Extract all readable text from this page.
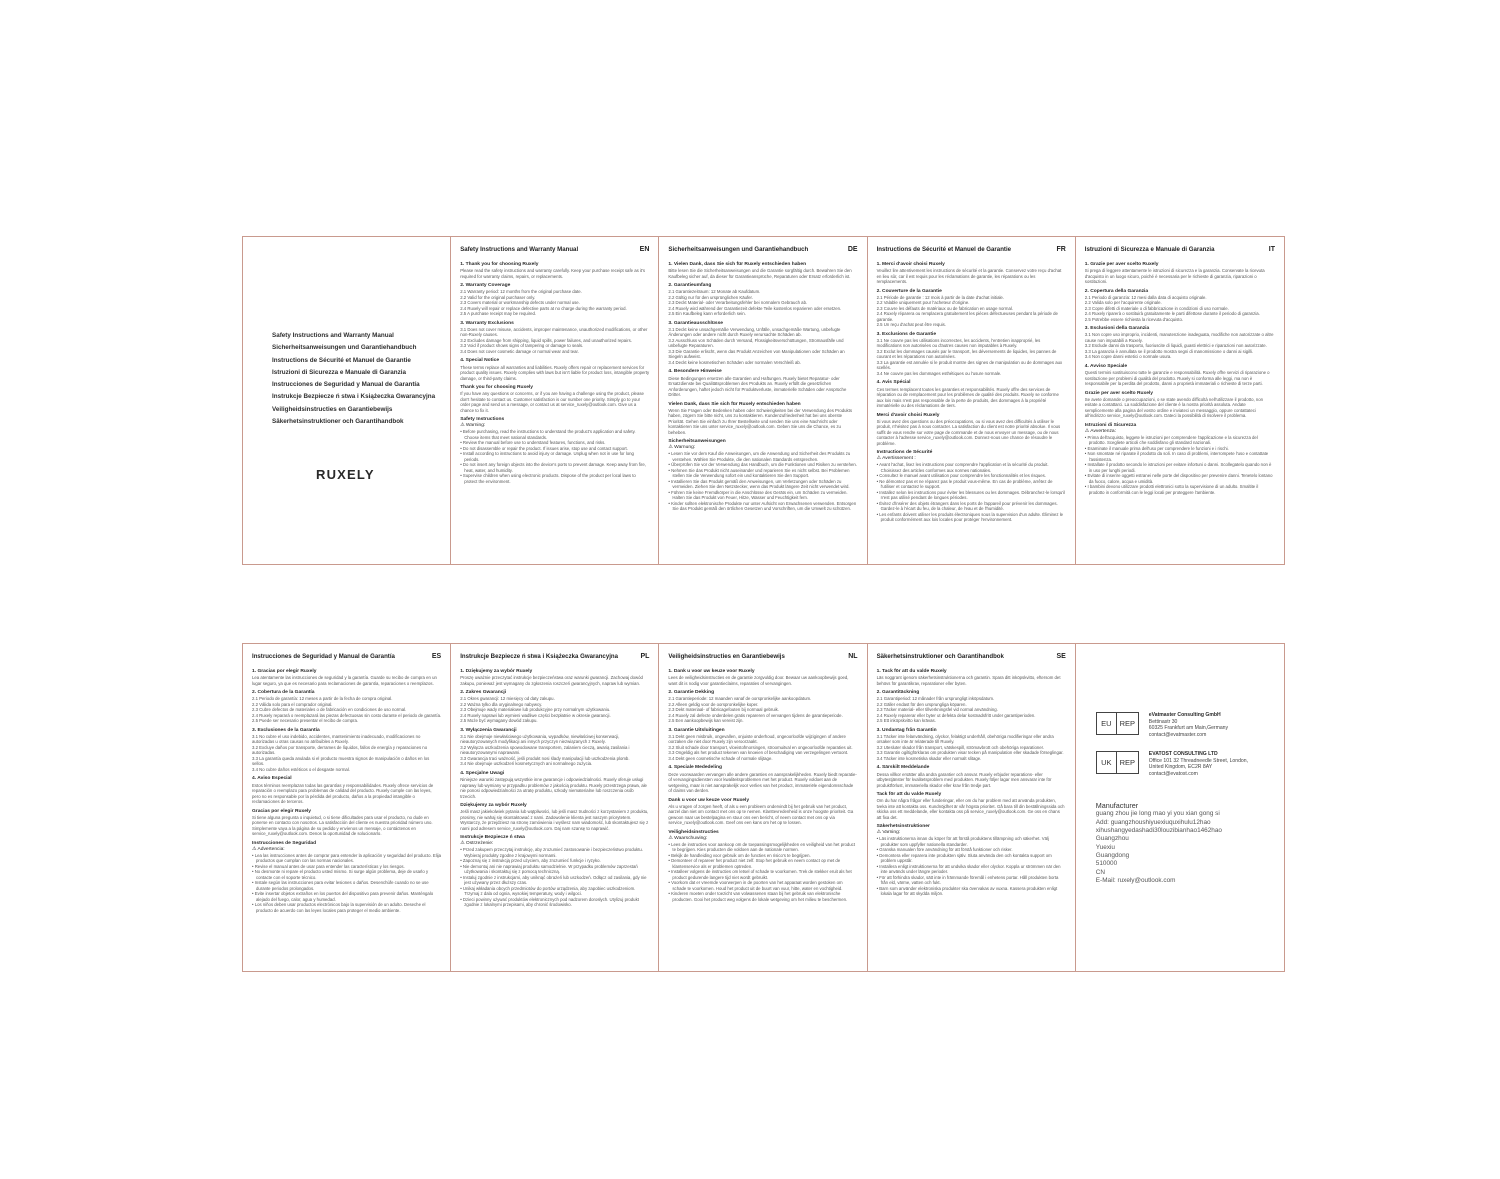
Safety Instructions and Warranty Manual
Sicherheitsanweisungen und Garantiehandbuch
Instructions de Sécurité et Manuel de Garantie
Istruzioni di Sicurezza e Manuale di Garanzia
Instrucciones de Seguridad y Manual de Garantía
Instrukcje Bezpiecze ń stwa i Książeczka Gwarancyjna
Veiligheidsinstructies en Garantiebewijs
Säkerhetsinstruktioner och Garantihandbok
RUXELY
Safety Instructions and Warranty Manual	EN
1. Thank you for choosing Ruxely
Please read the safety instructions and warranty carefully. Keep your purchase receipt safe as it's required for warranty claims, repairs, or replacements.
2. Warranty Coverage
2.1 Warranty period: 12 months from the original purchase date.
2.2 Valid for the original purchaser only.
2.3 Covers material or workmanship defects under normal use.
2.4 Ruxely will repair or replace defective parts at no charge during the warranty period.
2.5 A purchase receipt may be required.
3. Warranty Exclusions
3.1 Does not cover misuse, accidents, improper maintenance, unauthorized modifications, or other non-Ruxely causes.
3.2 Excludes damage from shipping, liquid spills, power failures, and unauthorized repairs.
3.3 Void if product shows signs of tampering or damage to seals.
3.4 Does not cover cosmetic damage or normal wear and tear.
4. Special Notice
These terms replace all warranties and liabilities. Ruxely offers repair or replacement services for product quality issues. Ruxely complies with laws but isn't liable for product loss, intangible property damage, or third-party claims.
Thank you for choosing Ruxely
If you have any questions or concerns, or if you are having a challenge using the product, please don't hesitate to contact us. Customer satisfaction is our number one priority. Simply go to your order page and send us a message, or contact us at service_ruxely@outlook.com. Give us a chance to fix it.
Safety Instructions
⚠ Warning:
• Before purchasing, read the instructions to understand the product's application and safety. Choose items that meet national standards.
• Review the manual before use to understand features, functions, and risks.
• Do not disassemble or repair the product. If issues arise, stop use and contact support.
• Install according to instructions to avoid injury or damage. Unplug when not in use for long periods.
• Do not insert any foreign objects into the device's ports to prevent damage. Keep away from fire, heat, water, and humidity.
• Supervise children when using electronic products. Dispose of the product per local laws to protect the environment.
Sicherheitsanweisungen und Garantiehandbuch	DE
1. Vielen Dank, dass Sie sich für Ruxely entschieden haben
Bitte lesen Sie die Sicherheitsanweisungen und die Garantie sorgfältig durch. Bewahren Sie den Kaufbeleg sicher auf, da dieser für Garantieansprüche, Reparaturen oder Ersatz erforderlich ist.
2. Garantieumfang
2.1 Garantiezeitraum: 12 Monate ab Kaufdatum.
2.2 Gültig nur für den ursprünglichen Käufer.
2.3 Deckt Material- oder Verarbeitungsfehler bei normalem Gebrauch ab.
2.4 Ruxely wird während der Garantiezeit defekte Teile kostenlos reparieren oder ersetzen.
2.5 Ein Kaufbeleg kann erforderlich sein.
3. Garantieausschlüsse
3.1 Deckt keine unsachgemäße Verwendung, Unfälle, unsachgemäße Wartung, unbefugte Änderungen oder andere nicht durch Ruxely verursachte Schäden ab.
3.2 Ausschluss von Schäden durch Versand, Flüssigkeitsverschüttungen, Stromausfälle und unbefugte Reparaturen.
3.3 Die Garantie erlischt, wenn das Produkt Anzeichen von Manipulationen oder Schäden an Siegeln aufweist.
3.4 Deckt keine kosmetischen Schäden oder normalen Verschleiß ab.
4. Besondere Hinweise
Diese Bedingungen ersetzen alle Garantien und Haftungen. Ruxely bietet Reparatur- oder Ersatzdienste bei Qualitätsproblemen des Produkts an. Ruxely erfüllt die gesetzlichen Anforderungen, haftet jedoch nicht für Produktverluste, immaterielle Schäden oder Ansprüche Dritter.
Vielen Dank, dass Sie sich für Ruxely entschieden haben
Wenn Sie Fragen oder Bedenken haben oder Schwierigkeiten bei der Verwendung des Produkts haben, zögern Sie bitte nicht, uns zu kontaktieren. Kundenzufriedenheit hat bei uns oberste Priorität. Gehen Sie einfach zu Ihrer Bestellseite und senden Sie uns eine Nachricht oder kontaktieren Sie uns unter service_ruxely@outlook.com. Geben Sie uns die Chance, es zu beheben.
Sicherheitsanweisungen
⚠ Warnung:
• Lesen Sie vor dem Kauf die Anweisungen, um die Anwendung und Sicherheit des Produkts zu verstehen. Wählen Sie Produkte, die den nationalen Standards entsprechen.
• Überprüfen Sie vor der Verwendung das Handbuch, um die Funktionen und Risiken zu verstehen.
• Nehmen Sie das Produkt nicht auseinander und reparieren Sie es nicht selbst. Bei Problemen stellen Sie die Verwendung sofort ein und kontaktieren Sie den Support.
• Installieren Sie das Produkt gemäß den Anweisungen, um Verletzungen oder Schäden zu vermeiden. Ziehen Sie den Netzstecker, wenn das Produkt längere Zeit nicht verwendet wird.
• Führen Sie keine Fremdkörper in die Anschlüsse des Geräts ein, um Schäden zu vermeiden. Halten Sie das Produkt von Feuer, Hitze, Wasser und Feuchtigkeit fern.
• Kinder sollten elektronische Produkte nur unter Aufsicht von Erwachsenen verwenden. Entsorgen Sie das Produkt gemäß den örtlichen Gesetzen und Vorschriften, um die Umwelt zu schützen.
Instructions de Sécurité et Manuel de Garantie	FR
1. Merci d'avoir choisi Ruxely
Veuillez lire attentivement les instructions de sécurité et la garantie. Conservez votre reçu d'achat en lieu sûr, car il est requis pour les réclamations de garantie, les réparations ou les remplacements.
2. Couverture de la Garantie
2.1 Période de garantie : 12 mois à partir de la date d'achat initiale.
2.2 Valable uniquement pour l'acheteur d'origine.
2.3 Couvre les défauts de matériaux ou de fabrication en usage normal.
2.4 Ruxely réparera ou remplacera gratuitement les pièces défectueuses pendant la période de garantie.
2.5 Un reçu d'achat peut être requis.
3. Exclusions de Garantie
3.1 Ne couvre pas les utilisations incorrectes, les accidents, l'entretien inapproprié, les modifications non autorisées ou d'autres causes non imputables à Ruxely.
3.2 Exclut les dommages causés par le transport, les déversements de liquides, les pannes de courant et les réparations non autorisées.
3.3 La garantie est annulée si le produit montre des signes de manipulation ou de dommages aux scellés.
3.4 Ne couvre pas les dommages esthétiques ou l'usure normale.
4. Avis Spécial
Ces termes remplacent toutes les garanties et responsabilités. Ruxely offre des services de réparation ou de remplacement pour les problèmes de qualité des produits. Ruxely se conforme aux lois mais n'est pas responsable de la perte de produits, des dommages à la propriété immatérielle ou des réclamations de tiers.
Merci d'avoir choisi Ruxely
Si vous avez des questions ou des préoccupations, ou si vous avez des difficultés à utiliser le produit, n'hésitez pas à nous contacter. La satisfaction du client est notre priorité absolue. Il vous suffit de vous rendre sur votre page de commande et de nous envoyer un message, ou de nous contacter à l'adresse service_ruxely@outlook.com. Donnez-nous une chance de résoudre le problème.
Instructions de Sécurité
⚠ Avertissement :
• Avant l'achat, lisez les instructions pour comprendre l'application et la sécurité du produit. Choisissez des articles conformes aux normes nationales.
• Consultez le manuel avant utilisation pour comprendre les fonctionnalités et les risques.
• Ne démontez pas et ne réparez pas le produit vous-même. En cas de problème, arrêtez de l'utiliser et contactez le support.
• Installez selon les instructions pour éviter les blessures ou les dommages. Débranchez-le lorsqu'il n'est pas utilisé pendant de longues périodes.
• Évitez d'insérer des objets étrangers dans les ports de l'appareil pour prévenir les dommages. Gardez-le à l'écart du feu, de la chaleur, de l'eau et de l'humidité.
• Les enfants doivent utiliser les produits électroniques sous la supervision d'un adulte. Éliminez le produit conformément aux lois locales pour protéger l'environnement.
Istruzioni di Sicurezza e Manuale di Garanzia	IT
1. Grazie per aver scelto Ruxely
Si prega di leggere attentamente le istruzioni di sicurezza e la garanzia. Conservate la ricevuta d'acquisto in un luogo sicuro, poiché è necessaria per le richieste di garanzia, riparazioni o sostituzioni.
2. Copertura della Garanzia
2.1 Periodo di garanzia: 12 mesi dalla data di acquisto originale.
2.2 Valida solo per l'acquirente originale.
2.3 Copre difetti di materiale o di fabbricazione in condizioni di uso normale.
2.4 Ruxely riparerà o sostituirà gratuitamente le parti difettose durante il periodo di garanzia.
2.5 Potrebbe essere richiesta la ricevuta d'acquisto.
3. Esclusioni della Garanzia
3.1 Non copre uso improprio, incidenti, manutenzione inadeguata, modifiche non autorizzate o altre cause non imputabili a Ruxely.
3.2 Esclude danni da trasporto, fuoriuscite di liquidi, guasti elettrici e riparazioni non autorizzate.
3.3 La garanzia è annullata se il prodotto mostra segni di manomissione o danni ai sigilli.
3.4 Non copre danni estetici o normale usura.
4. Avviso Speciale
Questi termini sostituiscono tutte le garanzie e responsabilità. Ruxely offre servizi di riparazione o sostituzione per problemi di qualità del prodotto. Ruxely si conforma alle leggi, ma non è responsabile per la perdita del prodotto, danni a proprietà immateriali o richieste di terze parti.
Grazie per aver scelto Ruxely
Se avete domande o preoccupazioni, o se state avendo difficoltà nell'utilizzare il prodotto, non esitate a contattarci. La soddisfazione del cliente è la nostra priorità assoluta. Andate semplicemente alla pagina del vostro ordine e inviateci un messaggio, oppure contattateci all'indirizzo service_ruxely@outlook.com. Dateci la possibilità di risolvere il problema.
Istruzioni di Sicurezza
⚠ Avvertenza:
• Prima dell'acquisto, leggete le istruzioni per comprendere l'applicazione e la sicurezza del prodotto. Scegliete articoli che soddisfano gli standard nazionali.
• Esaminate il manuale prima dell'uso per comprendere le funzioni e i rischi.
• Non smontate né riparate il prodotto da soli. In caso di problemi, interrompete l'uso e contattate l'assistenza.
• Installate il prodotto secondo le istruzioni per evitare infortuni o danni. Scollegatelo quando non è in uso per lunghi periodi.
• Evitate di inserire oggetti estranei nelle porte del dispositivo per prevenire danni. Tenetelo lontano da fuoco, calore, acqua e umidità.
• I bambini devono utilizzare prodotti elettronici sotto la supervisione di un adulto. Smaltite il prodotto in conformità con le leggi locali per proteggere l'ambiente.
Instrucciones de Seguridad y Manual de Garantía	ES
1. Gracias por elegir Ruxely
Lea atentamente las instrucciones de seguridad y la garantía. Guarde su recibo de compra en un lugar seguro, ya que es necesario para reclamaciones de garantía, reparaciones o reemplazos.
2. Cobertura de la Garantía
2.1 Periodo de garantía: 12 meses a partir de la fecha de compra original.
2.2 Válida solo para el comprador original.
2.3 Cubre defectos de materiales o de fabricación en condiciones de uso normal.
2.4 Ruxely reparará o reemplazará las piezas defectuosas sin costo durante el periodo de garantía.
2.5 Puede ser necesario presentar el recibo de compra.
3. Exclusiones de la Garantía
3.1 No cubre el uso indebido, accidentes, mantenimiento inadecuado, modificaciones no autorizadas u otras causas no atribuibles a Ruxely.
3.2 Excluye daños por transporte, derrames de líquidos, fallos de energía y reparaciones no autorizadas.
3.3 La garantía queda anulada si el producto muestra signos de manipulación o daños en los sellos.
3.4 No cubre daños estéticos o el desgaste normal.
4. Aviso Especial
Estos términos reemplazan todas las garantías y responsabilidades. Ruxely ofrece servicios de reparación o reemplazo para problemas de calidad del producto. Ruxely cumple con las leyes, pero no es responsable por la pérdida del producto, daños a la propiedad intangible o reclamaciones de terceros.
Gracias por elegir Ruxely
Si tiene alguna pregunta o inquietud, o si tiene dificultades para usar el producto, no dude en ponerse en contacto con nosotros. La satisfacción del cliente es nuestra prioridad número uno. Simplemente vaya a la página de su pedido y envíenos un mensaje, o contáctenos en service_ruxely@outlook.com. Denos la oportunidad de solucionarlo.
Instrucciones de Seguridad
⚠ Advertencia:
• Lea las instrucciones antes de comprar para entender la aplicación y seguridad del producto. Elija productos que cumplan con las normas nacionales.
• Revise el manual antes de usar para entender las características y los riesgos.
• No desmonte ni repare el producto usted mismo. Si surge algún problema, deje de usarlo y contacte con el soporte técnico.
• Instale según las instrucciones para evitar lesiones o daños. Desenchúfe cuando no se use durante periodos prolongados.
• Evite insertar objetos extraños en los puertos del dispositivo para prevenir daños. Manténgalo alejado del fuego, calor, agua y humedad.
• Los niños deben usar productos electrónicos bajo la supervisión de un adulto. Deseche el producto de acuerdo con las leyes locales para proteger el medio ambiente.
Instrukcje Bezpiecze ń stwa i Książeczka Gwarancyjna	PL
1. Dziękujemy za wybór Ruxely
Proszę uważnie przeczytać instrukcje bezpieczeństwa oraz warunki gwarancji. Zachowaj dowód zakupu, ponieważ jest wymagany do zgłoszenia roszczeń gwarancyjnych, napraw lub wymian.
2. Zakres Gwarancji
2.1 Okres gwarancji: 12 miesięcy od daty zakupu.
2.2 Ważna tylko dla oryginalnego nabywcy.
2.3 Obejmuje wady materiałowe lub produkcyjne przy normalnym użytkowaniu.
2.4 Ruxely naprawi lub wymieni wadliwe części bezpłatnie w okresie gwarancji.
2.5 Może być wymagany dowód zakupu.
3. Wyłączenia Gwarancji
3.1 Nie obejmuje niewłaściwego użytkowania, wypadków, niewłaściwej konserwacji, nieautoryzowanych modyfikacji ani innych przyczyn niezwiązanych z Ruxely.
3.2 Wyłącza uszkodzenia spowodowane transportem, zalaniem cieczą, awarią zasilania i nieautoryzowanymi naprawami.
3.3 Gwarancja traci ważność, jeśli produkt nosi ślady manipulacji lub uszkodzenia plomb.
3.4 Nie obejmuje uszkodzeń kosmetycznych ani normalnego zużycia.
4. Specjalne Uwagi
Niniejsze warunki zastępują wszystkie inne gwarancje i odpowiedzialności. Ruxely oferuje usługi naprawy lub wymiany w przypadku problemów z jakością produktu. Ruxely przestrzega prawa, ale nie ponosi odpowiedzialności za utratę produktu, szkody niematerialne lub roszczenia osób trzecich.
Dziękujemy za wybór Ruxely
Jeśli masz jakiekolwiek pytania lub wątpliwości, lub jeśli masz trudności z korzystaniem z produktu, prosimy, nie wahaj się skontaktować z nami. Zadowolenie klienta jest naszym priorytetem. Wystarczy, że przejdziesz na stronę zamówienia i wyślesz nam wiadomość, lub skontaktujesz się z nami pod adresem service_ruxely@outlook.com. Daj nam szansę to naprawić.
Instrukcje Bezpiecze ń stwa
⚠ Ostrzeżenie:
• Przed zakupem przeczytaj instrukcję, aby zrozumieć zastosowanie i bezpieczeństwo produktu. Wybieraj produkty zgodne z krajowymi normami.
• Zapoznaj się z instrukcją przed użyciem, aby zrozumieć funkcje i ryzyko.
• Nie demontuj ani nie naprawiaj produktu samodzielnie. W przypadku problemów zaprzestań użytkowania i skontaktuj się z pomocą techniczną.
• Instaluj zgodnie z instrukcjami, aby uniknąć obrażeń lub uszkodzeń. Odłącz od zasilania, gdy nie jest używany przez dłuższy czas.
• Unikaj wkładania obcych przedmiotów do portów urządzenia, aby zapobiec uszkodzeniom. Trzymaj z dala od ognia, wysokiej temperatury, wody i wilgoci.
• Dzieci powinny używać produktów elektronicznych pod nadzorem dorosłych. Utylizuj produkt zgodnie z lokalnymi przepisami, aby chronić środowisko.
Veiligheidsinstructies en Garantiebewijs	NL
1. Dank u voor uw keuze voor Ruxely
Lees de veiligheidsinstructies en de garantie zorgvuldig door. Bewaar uw aankoopbewijs goed, want dit is nodig voor garantieclaims, reparaties of vervangingen.
2. Garantie Dekking
2.1 Garantieperiode: 12 maanden vanaf de oorspronkelijke aankoopdatum.
2.2 Alleen geldig voor de oorspronkelijke koper.
2.3 Dekt materiaal- of fabricagefouten bij normaal gebruik.
2.4 Ruxely zal defecte onderdelen gratis repareren of vervangen tijdens de garantieperiode.
2.5 Een aankoopbewijs kan vereist zijn.
3. Garantie Uitsluitingen
3.1 Dekt geen misbruik, ongevallen, onjuiste onderhoud, ongeoorloofde wijzigingen of andere oorzaken die niet door Ruxely zijn veroorzaakt.
3.2 Sluit schade door transport, vloeistofmorsingen, stroomuitval en ongeoorloofde reparaties uit.
3.3 Ongeldig als het product tekenen van knoeien of beschadiging van verzegelingen vertoont.
3.4 Dekt geen cosmetische schade of normale slijtage.
4. Speciale Mededeling
Deze voorwaarden vervangen alle andere garanties en aansprakelijkheden. Ruxely biedt reparatie- of vervangingsdiensten voor kwaliteitsproblemen met het product. Ruxely voldoet aan de wetgeving, maar is niet aansprakelijk voor verlies van het product, immateriële eigendomsschade of claims van derden.
Dank u voor uw keuze voor Ruxely
Als u vragen of zorgen heeft, of als u een probleem ondervindt bij het gebruik van het product, aarzel dan niet om contact met ons op te nemen. Klanttevredenheid is onze hoogste prioriteit. Ga gewoon naar uw bestelpagina en stuur ons een bericht, of neem contact met ons op via service_ruxely@outlook.com. Geef ons een kans om het op te lossen.
Veiligheidsinstructies
⚠ Waarschuwing:
• Lees de instructies voor aankoop om de toepassingsmogelijkheden en veiligheid van het product te begrijpen. Kies producten die voldoen aan de nationale normen.
• Bekijk de handleiding voor gebruik om de functies en risico's te begrijpen.
• Demonteer of repareer het product niet zelf. Stop het gebruik en neem contact op met de klantenservice als er problemen optreden.
• Installeer volgens de instructies om letsel of schade te voorkomen. Trek de stekker eruit als het product gedurende langere tijd niet wordt gebruikt.
• Voorkom dat er vreemde voorwerpen in de poorten van het apparaat worden gestoken om schade te voorkomen. Houd het product uit de buurt van vuur, hitte, water en vochtigheid.
• Kinderen moeten onder toezicht van volwassenen staan bij het gebruik van elektronische producten. Gooi het product weg volgens de lokale wetgeving om het milieu te beschermen.
Säkerhetsinstruktioner och Garantihandbok	SE
1. Tack för att du valde Ruxely
Läs noggrant igenom säkerhetsinstruktionerna och garantin. Spara ditt inköpskvitto, eftersom det behövs för garantikrav, reparationer eller byten.
2. Garantitäckning
2.1 Garantiperiod: 12 månader från ursprungligt inköpsdatum.
2.2 Gäller endast för den ursprungliga köparen.
2.3 Täcker material- eller tillverkningsfel vid normal användning.
2.4 Ruxely reparerar eller byter ut defekta delar kostnadsfritt under garantiperioden.
2.5 Ett inköpskvitto kan krävas.
3. Undantag från Garantin
3.1 Täcker inte felanvändning, olyckor, felaktigt underhåll, obehöriga modifieringar eller andra orsaker som inte är relaterade till Ruxely.
3.2 Utesluter skador från transport, vätskespill, strömavbrott och obehöriga reparationer.
3.3 Garantin ogiltigförklaras om produkten visar tecken på manipulation eller skadade förseglingar.
3.4 Täcker inte kosmetiska skador eller normalt slitage.
4. Särskilt Meddelande
Dessa villkor ersätter alla andra garantier och ansvar. Ruxely erbjuder reparations- eller utbytestjänster för kvalitetsproblem med produkten. Ruxely följer lagar men ansvarar inte för produktförlust, immateriella skador eller krav från tredje part.
Tack för att du valde Ruxely
Om du har några frågor eller funderingar, eller om du har problem med att använda produkten, tveka inte att kontakta oss. Kundnöjdhet är vår högsta prioritet. Gå bara till din beställningssida och skicka oss ett meddelande, eller kontakta oss på service_ruxely@outlook.com. Ge oss en chans att fixa det.
Säkerhetsinstruktioner
⚠ Varning:
• Läs instruktionerna innan du köper för att förstå produktens tillämpning och säkerhet. Välj produkter som uppfyller nationella standarder.
• Granska manualen före användning för att förstå funktioner och risker.
• Demontera eller reparera inte produkten själv. Sluta använda den och kontakta support om problem uppstår.
• Installera enligt instruktionerna för att undvika skador eller olyckor. Koppla ur strömmen när den inte används under längre perioder.
• För att förhindra skador, sätt inte in främmande föremål i enhetens portar. Håll produkten borta från eld, värme, vatten och fukt.
• Barn som använder elektroniska produkter ska övervakas av vuxna. Kassera produkten enligt lokala lagar för att skydda miljön.
EU	REP
eVatmaster Consulting GmbH
Bettinastr 30
60325 Frankfurt am Main,Germany
contact@evatmaster.com
UK	REP
EVATOST CONSULTING LTD
Office 101 32 Threadneedle Street, London,
United Kingdom, EC2R 8AY
contact@evatost.com
Manufacturer
guang zhou jie long mao yi you xian gong si
Add: guangzhoushiyuexiuquxihulu12hao
xihushangyedashadi30louzibianhao1462hao
Guangzhou
Yuexiu
Guangdong
510000
CN
E-Mail: ruxely@outlook.com
